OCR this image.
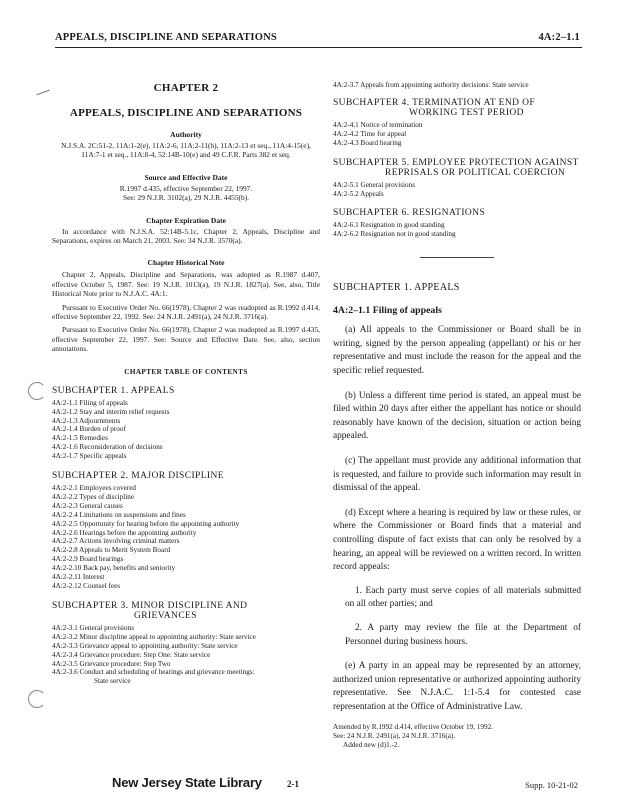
APPEALS, DISCIPLINE AND SEPARATIONS	4A:2–1.1
CHAPTER 2
APPEALS, DISCIPLINE AND SEPARATIONS
Authority
N.J.S.A. 2C:51-2, 11A:1-2(e), 11A:2-6, 11A:2-11(h), 11A:2-13 et seq., 11A:4-15(e), 11A:7-1 et seq., 11A:8-4, 52:14B-10(e) and 49 C.F.R. Parts 382 et seq.
Source and Effective Date
R.1997 d.435, effective September 22, 1997.
See: 29 N.J.R. 3102(a), 29 N.J.R. 4455(b).
Chapter Expiration Date
In accordance with N.J.S.A. 52:14B-5.1c, Chapter 2, Appeals, Discipline and Separations, expires on March 21, 2003. See: 34 N.J.R. 3570(a).
Chapter Historical Note
Chapter 2, Appeals, Discipline and Separations, was adopted as R.1987 d.407, effective October 5, 1987. See: 19 N.J.R. 1013(a), 19 N.J.R. 1827(a). See, also, Title Historical Note prior to N.J.A.C. 4A:1.
Pursuant to Executive Order No. 66(1978), Chapter 2 was readopted as R.1992 d.414, effective September 22, 1992. See: 24 N.J.R. 2491(a), 24 N.J.R. 3716(a).
Pursuant to Executive Order No. 66(1978), Chapter 2 was readopted as R.1997 d.435, effective September 22, 1997. See: Source and Effective Date. See, also, section annotations.
CHAPTER TABLE OF CONTENTS
SUBCHAPTER 1. APPEALS
4A:2-1.1 Filing of appeals
4A:2-1.2 Stay and interim relief requests
4A:2-1.3 Adjournments
4A:2-1.4 Burden of proof
4A:2-1.5 Remedies
4A:2-1.6 Reconsideration of decisions
4A:2-1.7 Specific appeals
SUBCHAPTER 2. MAJOR DISCIPLINE
4A:2-2.1 Employees covered
4A:2-2.2 Types of discipline
4A:2-2.3 General causes
4A:2-2.4 Limitations on suspensions and fines
4A:2-2.5 Opportunity for hearing before the appointing authority
4A:2-2.6 Hearings before the appointing authority
4A:2-2.7 Actions involving criminal matters
4A:2-2.8 Appeals to Merit System Board
4A:2-2.9 Board hearings
4A:2-2.10 Back pay, benefits and seniority
4A:2-2.11 Interest
4A:2-2.12 Counsel fees
SUBCHAPTER 3. MINOR DISCIPLINE AND
GRIEVANCES
4A:2-3.1 General provisions
4A:2-3.2 Minor discipline appeal to appointing authority: State service
4A:2-3.3 Grievance appeal to appointing authority: State service
4A:2-3.4 Grievance procedure: Step One: State service
4A:2-3.5 Grievance procedure: Step Two
4A:2-3.6 Conduct and scheduling of hearings and grievance meetings:
State service
4A:2-3.7 Appeals from appointing authority decisions: State service
SUBCHAPTER 4. TERMINATION AT END OF
WORKING TEST PERIOD
4A:2-4.1 Notice of termination
4A:2-4.2 Time for appeal
4A:2-4.3 Board hearing
SUBCHAPTER 5. EMPLOYEE PROTECTION AGAINST
REPRISALS OR POLITICAL COERCION
4A:2-5.1 General provisions
4A:2-5.2 Appeals
SUBCHAPTER 6. RESIGNATIONS
4A:2-6.1 Resignation in good standing
4A:2-6.2 Resignation not in good standing
SUBCHAPTER 1. APPEALS
4A:2–1.1 Filing of appeals

(a) All appeals to the Commissioner or Board shall be in writing, signed by the person appealing (appellant) or his or her representative and must include the reason for the appeal and the specific relief requested.

(b) Unless a different time period is stated, an appeal must be filed within 20 days after either the appellant has notice or should reasonably have known of the decision, situation or action being appealed.

(c) The appellant must provide any additional information that is requested, and failure to provide such information may result in dismissal of the appeal.

(d) Except where a hearing is required by law or these rules, or where the Commissioner or Board finds that a material and controlling dispute of fact exists that can only be resolved by a hearing, an appeal will be reviewed on a written record. In written record appeals:

1. Each party must serve copies of all materials submitted on all other parties; and

2. A party may review the file at the Department of Personnel during business hours.

(e) A party in an appeal may be represented by an attorney, authorized union representative or authorized appointing authority representative. See N.J.A.C. 1:1-5.4 for contested case representation at the Office of Administrative Law.

Amended by R.1992 d.414, effective October 19, 1992.
See: 24 N.J.R. 2491(a), 24 N.J.R. 3716(a).
Added new (d)1.-2.
New Jersey State Library	2-1	Supp. 10-21-02
